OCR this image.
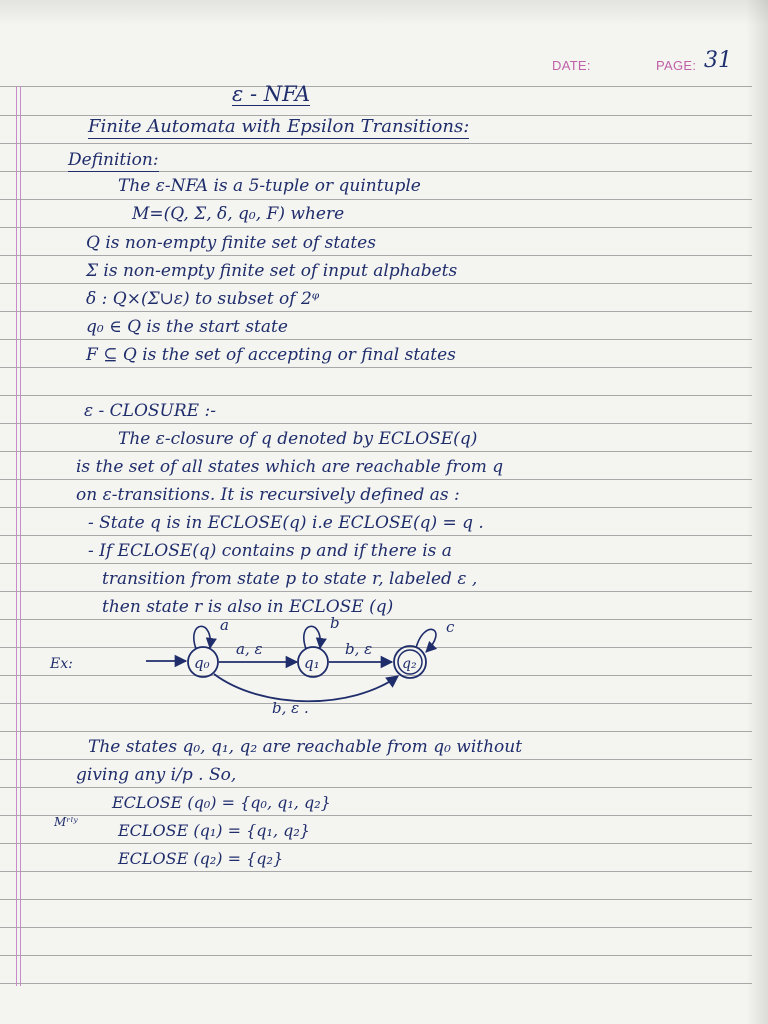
DATE:	PAGE: 31
ε - NFA
Finite Automata with Epsilon Transitions:
Definition:
The ε-NFA is a 5-tuple or quintuple
M=(Q, Σ, δ, q₀, F) where
Q is non-empty finite set of states
Σ is non-empty finite set of input alphabets
δ : Q×(Σ∪ε) to subset of 2ᵠ
q₀ ∈ Q is the start state
F ⊆ Q is the set of accepting or final states
ε - CLOSURE :-
The ε-closure of q denoted by ECLOSE(q)
is the set of all states which are reachable from q
on ε-transitions. It is recursively defined as :
- State q is in ECLOSE(q) i.e ECLOSE(q) = q .
- If ECLOSE(q) contains p and if there is a
transition from state p to state r, labeled ε ,
then state r is also in ECLOSE (q)
Ex:	q₀
a
a, ε
q₁
b
b, ε
q₂
c
b, ε .
The states q₀, q₁, q₂ are reachable from q₀ without
giving any i/p . So,
ECLOSE (q₀) = {q₀, q₁, q₂}
Mʳˡʸ	ECLOSE (q₁) = {q₁, q₂}
ECLOSE (q₂) = {q₂}
